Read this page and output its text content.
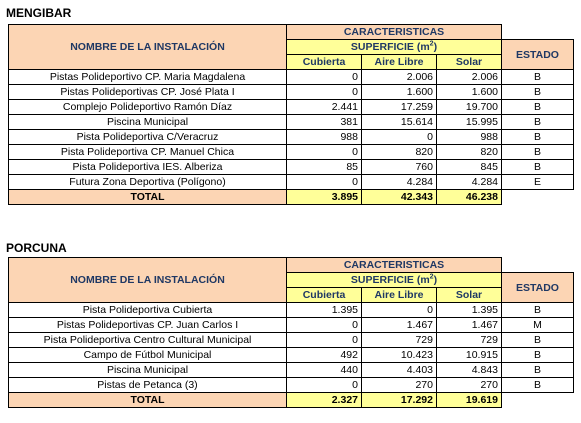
MENGIBAR
NOMBRE DE LA INSTALACIÓN	CARACTERISTICAS			
	SUPERFICIE $(m^2)$			ESTADO
	Cubierta	Aire Libre	Solar	
Pistas Polideportivo CP. Maria Magdalena	0	2.006	2.006	B
Pistas Polideportivas CP. José Plata I	0	1.600	1.600	B
Complejo Polideportivo Ramón Díaz	2.441	17.259	19.700	B
Piscina Municipal	381	15.614	15.995	B
Pista Polideportiva C/Veracruz	988	0	988	B
Pista Polideportiva CP. Manuel Chica	0	820	820	B
Pista Polideportiva IES. Alberiza	85	760	845	B
Futura Zona Deportiva (Polígono)	0	4.284	4.284	E
TOTAL	3.895	42.343	46.238	
PORCUNA
NOMBRE DE LA INSTALACIÓN	CARACTERISTICAS			
	SUPERFICIE $(m^2)$			ESTADO
	Cubierta	Aire Libre	Solar	
Pista Polideportiva Cubierta	1.395	0	1.395	B
Pistas Polideportivas CP. Juan Carlos I	0	1.467	1.467	M
Pista Polideportiva Centro Cultural Municipal	0	729	729	B
Campo de Fútbol Municipal	492	10.423	10.915	B
Piscina Municipal	440	4.403	4.843	B
Pistas de Petanca (3)	0	270	270	B
TOTAL	2.327	17.292	19.619	
